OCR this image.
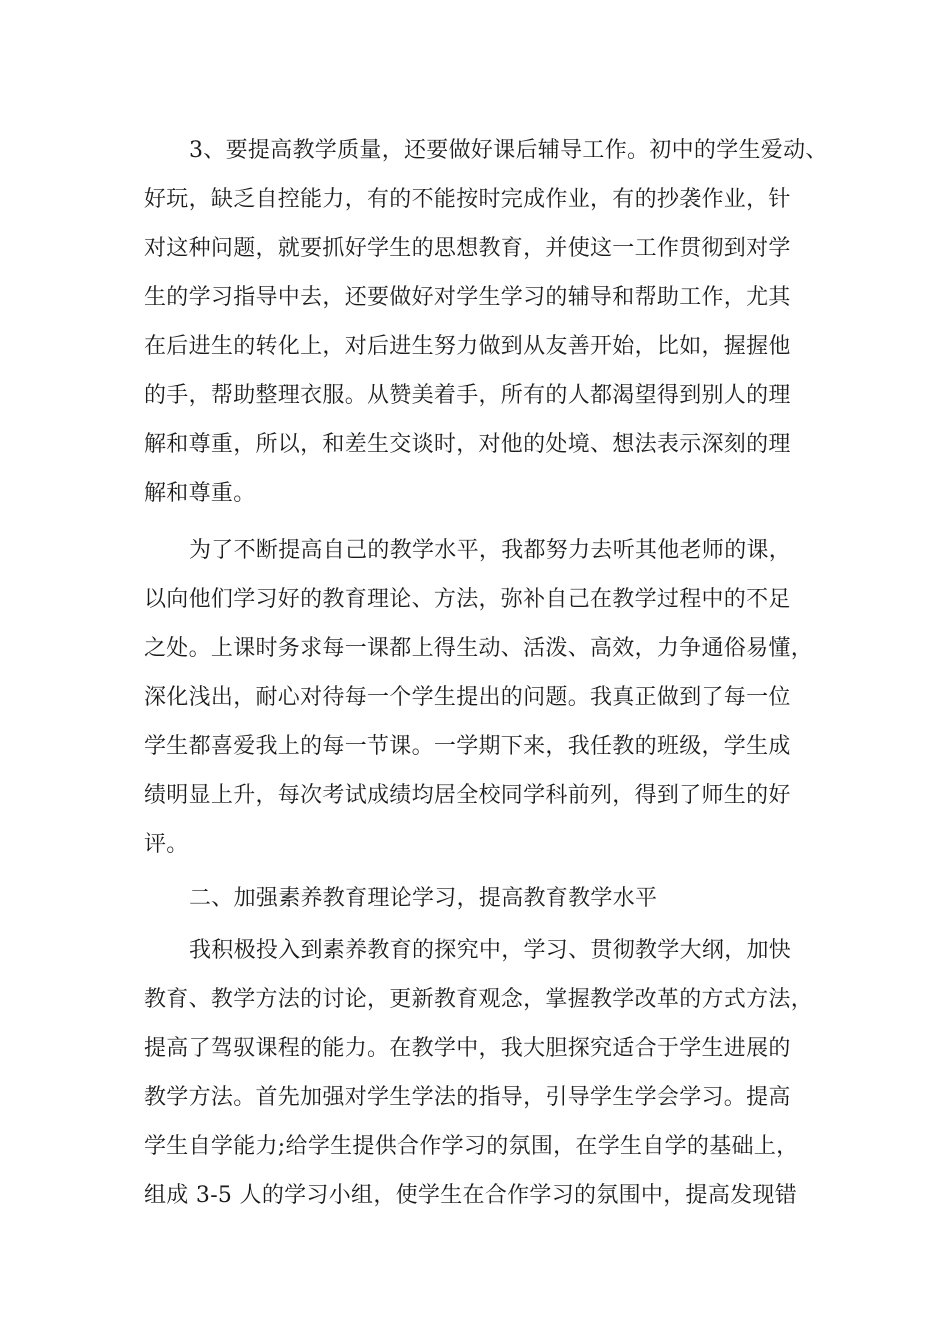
3、要提高教学质量，还要做好课后辅导工作。初中的学生爱动、
好玩，缺乏自控能力，有的不能按时完成作业，有的抄袭作业，针
对这种问题，就要抓好学生的思想教育，并使这一工作贯彻到对学
生的学习指导中去，还要做好对学生学习的辅导和帮助工作，尤其
在后进生的转化上，对后进生努力做到从友善开始，比如，握握他
的手，帮助整理衣服。从赞美着手，所有的人都渴望得到别人的理
解和尊重，所以，和差生交谈时，对他的处境、想法表示深刻的理
解和尊重。
为了不断提高自己的教学水平，我都努力去听其他老师的课，
以向他们学习好的教育理论、方法，弥补自己在教学过程中的不足
之处。上课时务求每一课都上得生动、活泼、高效，力争通俗易懂，
深化浅出，耐心对待每一个学生提出的问题。我真正做到了每一位
学生都喜爱我上的每一节课。一学期下来，我任教的班级，学生成
绩明显上升，每次考试成绩均居全校同学科前列，得到了师生的好
评。
二、加强素养教育理论学习，提高教育教学水平
我积极投入到素养教育的探究中，学习、贯彻教学大纲，加快
教育、教学方法的讨论，更新教育观念，掌握教学改革的方式方法，
提高了驾驭课程的能力。在教学中，我大胆探究适合于学生进展的
教学方法。首先加强对学生学法的指导，引导学生学会学习。提高
学生自学能力;给学生提供合作学习的氛围，在学生自学的基础上，
组成 3-5 人的学习小组，使学生在合作学习的氛围中，提高发现错
